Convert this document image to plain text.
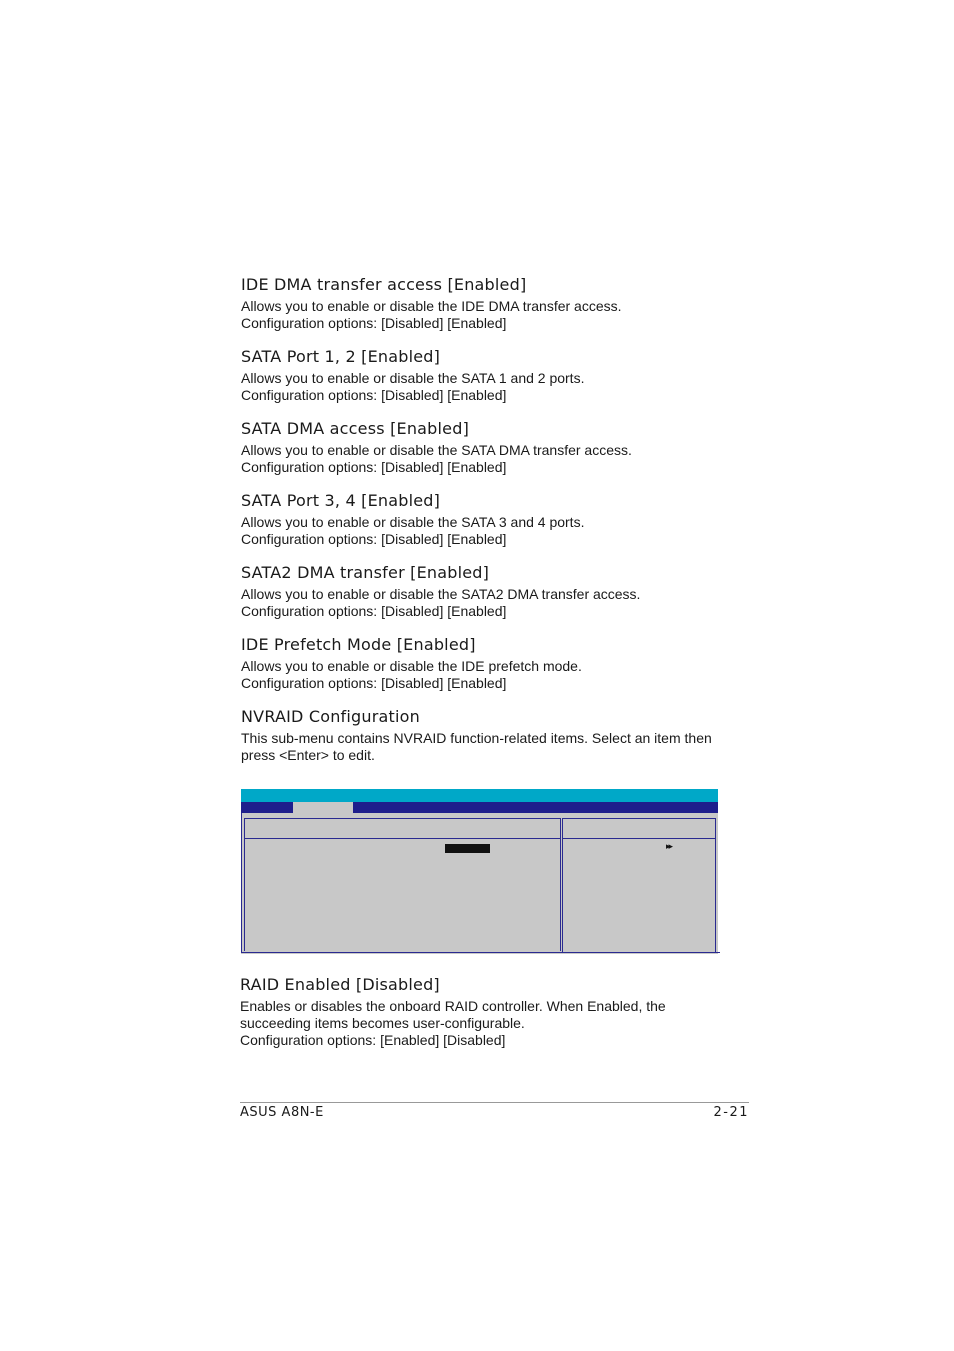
IDE DMA transfer access [Enabled]
Allows you to enable or disable the IDE DMA transfer access.
Configuration options: [Disabled] [Enabled]
SATA Port 1, 2 [Enabled]
Allows you to enable or disable the SATA 1 and 2 ports.
Configuration options: [Disabled] [Enabled]
SATA DMA access [Enabled]
Allows you to enable or disable the SATA DMA transfer access.
Configuration options: [Disabled] [Enabled]
SATA Port 3, 4 [Enabled]
Allows you to enable or disable the SATA 3 and 4 ports.
Configuration options: [Disabled] [Enabled]
SATA2 DMA transfer [Enabled]
Allows you to enable or disable the SATA2 DMA transfer access.
Configuration options: [Disabled] [Enabled]
IDE Prefetch Mode [Enabled]
Allows you to enable or disable the IDE prefetch mode.
Configuration options: [Disabled] [Enabled]
NVRAID Configuration
This sub-menu contains NVRAID function-related items. Select an item then
press <Enter> to edit.
▸▸
RAID Enabled [Disabled]
Enables or disables the onboard RAID controller. When Enabled, the
succeeding items becomes user-configurable.
Configuration options: [Enabled] [Disabled]
ASUS A8N-E	2-21
